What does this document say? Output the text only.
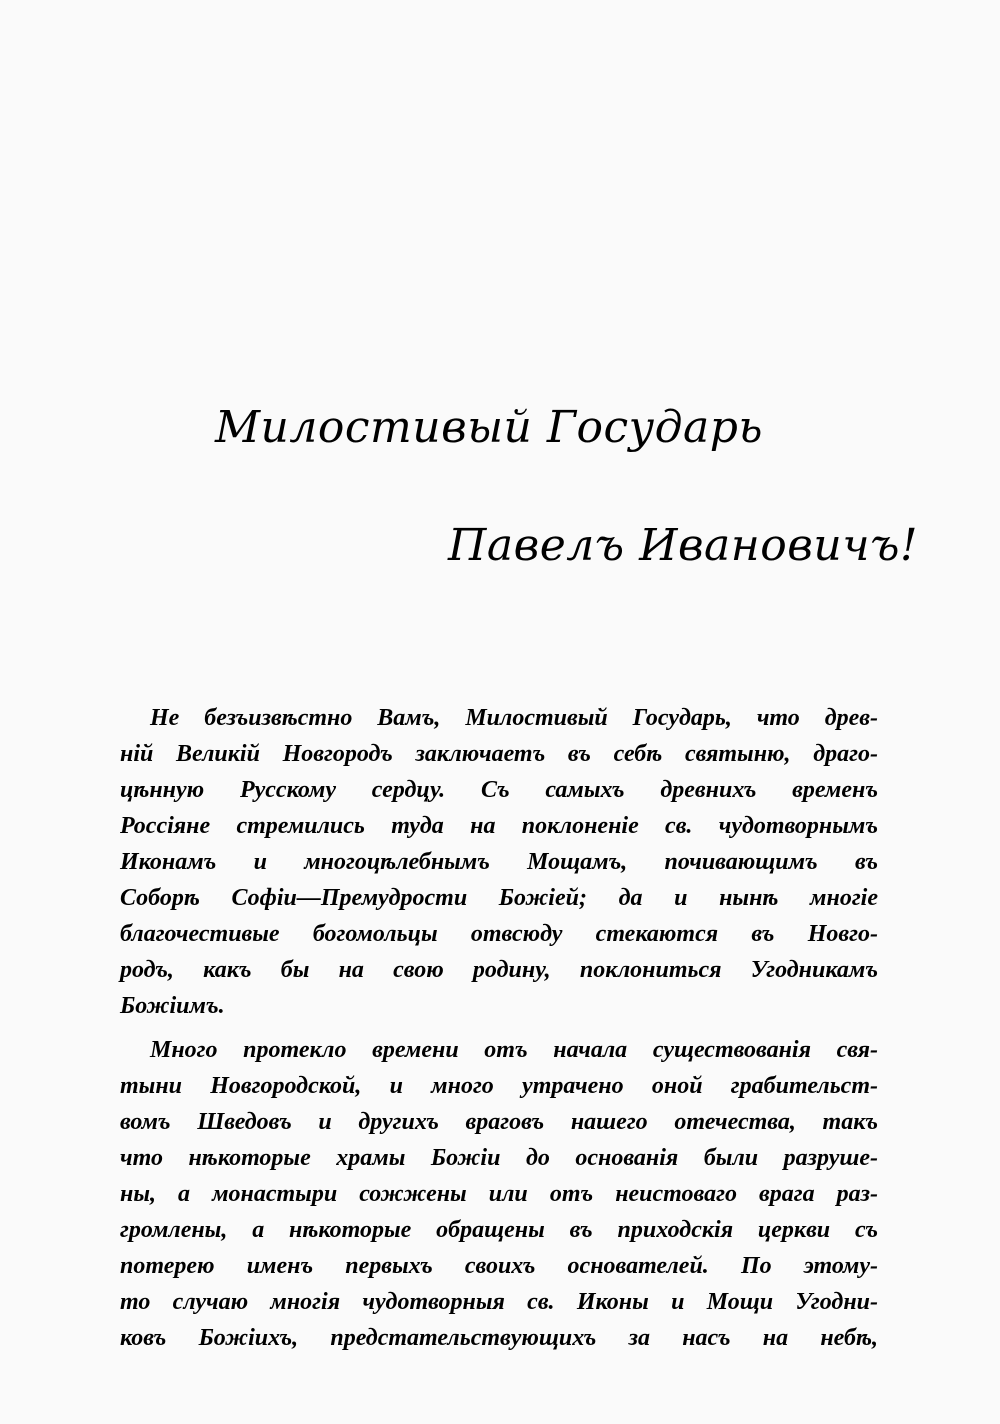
Милостивый Государь
Павелъ Ивановичъ!
Не безъизвѣстно Вамъ, Милостивый Государь, что древ-
ній Великій Новгородъ заключаетъ въ себѣ святыню, драго-
цѣнную Русскому сердцу. Съ самыхъ древнихъ временъ
Россіяне стремились туда на поклоненіе св. чудотворнымъ
Иконамъ и многоцѣлебнымъ Мощамъ, почивающимъ въ
Соборѣ Софіи—Премудрости Божіей; да и нынѣ многіе
благочестивые богомольцы отвсюду стекаются въ Новго-
родъ, какъ бы на свою родину, поклониться Угодникамъ
Божіимъ.
Много протекло времени отъ начала существованія свя-
тыни Новгородской, и много утрачено оной грабительст-
вомъ Шведовъ и другихъ враговъ нашего отечества, такъ
что нѣкоторые храмы Божіи до основанія были разруше-
ны, а монастыри сожжены или отъ неистоваго врага раз-
громлены, а нѣкоторые обращены въ приходскія церкви съ
потерею именъ первыхъ своихъ основателей. По этому-
то случаю многія чудотворныя св. Иконы и Мощи Угодни-
ковъ Божіихъ, предстательствующихъ за насъ на небѣ,
